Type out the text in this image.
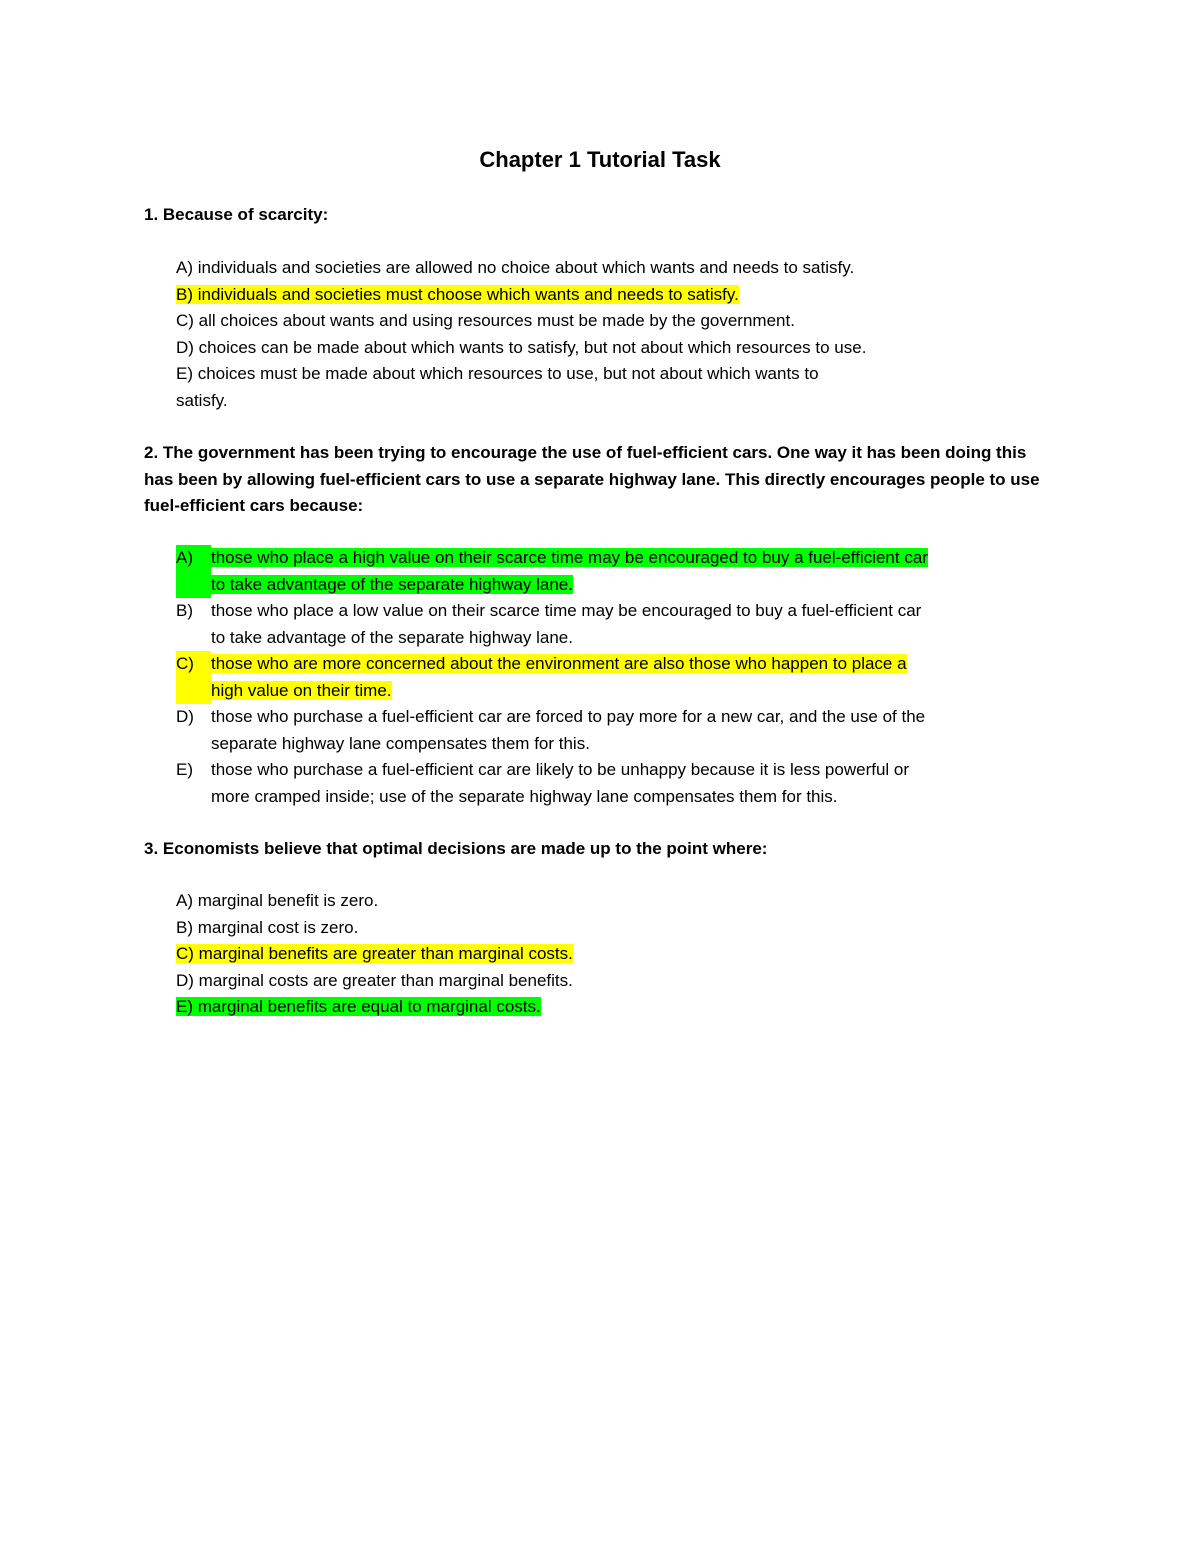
Chapter 1 Tutorial Task
1. Because of scarcity:
A) individuals and societies are allowed no choice about which wants and needs to satisfy.
B) individuals and societies must choose which wants and needs to satisfy.
C) all choices about wants and using resources must be made by the government.
D) choices can be made about which wants to satisfy, but not about which resources to use.
E) choices must be made about which resources to use, but not about which wants to
satisfy.
2. The government has been trying to encourage the use of fuel-efficient cars. One way it has been doing this has been by allowing fuel-efficient cars to use a separate highway lane. This directly encourages people to use fuel-efficient cars because:
A)	those who place a high value on their scarce time may be encouraged to buy a fuel-efficient car
to take advantage of the separate highway lane.
B)	those who place a low value on their scarce time may be encouraged to buy a fuel-efficient car
to take advantage of the separate highway lane.
C)	those who are more concerned about the environment are also those who happen to place a
high value on their time.
D)	those who purchase a fuel-efficient car are forced to pay more for a new car, and the use of the
separate highway lane compensates them for this.
E)	those who purchase a fuel-efficient car are likely to be unhappy because it is less powerful or
more cramped inside; use of the separate highway lane compensates them for this.
3. Economists believe that optimal decisions are made up to the point where:
A) marginal benefit is zero.
B) marginal cost is zero.
C) marginal benefits are greater than marginal costs.
D) marginal costs are greater than marginal benefits.
E) marginal benefits are equal to marginal costs.
